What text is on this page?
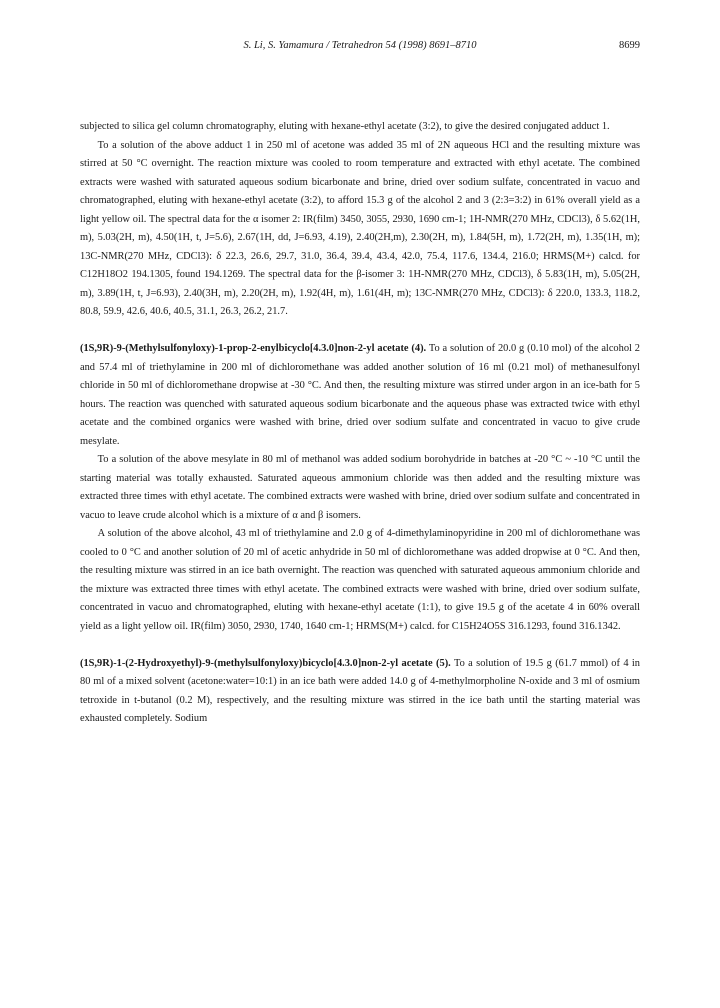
S. Li, S. Yamamura / Tetrahedron 54 (1998) 8691–8710	8699

subjected to silica gel column chromatography, eluting with hexane-ethyl acetate (3:2), to give the desired conjugated adduct 1.

To a solution of the above adduct 1 in 250 ml of acetone was added 35 ml of 2N aqueous HCl and the resulting mixture was stirred at 50 °C overnight. The reaction mixture was cooled to room temperature and extracted with ethyl acetate. The combined extracts were washed with saturated aqueous sodium bicarbonate and brine, dried over sodium sulfate, concentrated in vacuo and chromatographed, eluting with hexane-ethyl acetate (3:2), to afford 15.3 g of the alcohol 2 and 3 (2:3=3:2) in 61% overall yield as a light yellow oil. The spectral data for the α isomer 2: IR(film) 3450, 3055, 2930, 1690 cm-1; 1H-NMR(270 MHz, CDCl3), δ 5.62(1H, m), 5.03(2H, m), 4.50(1H, t, J=5.6), 2.67(1H, dd, J=6.93, 4.19), 2.40(2H,m), 2.30(2H, m), 1.84(5H, m), 1.72(2H, m), 1.35(1H, m); 13C-NMR(270 MHz, CDCl3): δ 22.3, 26.6, 29.7, 31.0, 36.4, 39.4, 43.4, 42.0, 75.4, 117.6, 134.4, 216.0; HRMS(M+) calcd. for C12H18O2 194.1305, found 194.1269. The spectral data for the β-isomer 3: 1H-NMR(270 MHz, CDCl3), δ 5.83(1H, m), 5.05(2H, m), 3.89(1H, t, J=6.93), 2.40(3H, m), 2.20(2H, m), 1.92(4H, m), 1.61(4H, m); 13C-NMR(270 MHz, CDCl3): δ 220.0, 133.3, 118.2, 80.8, 59.9, 42.6, 40.6, 40.5, 31.1, 26.3, 26.2, 21.7.

(1S,9R)-9-(Methylsulfonyloxy)-1-prop-2-enylbicyclo[4.3.0]non-2-yl acetate (4). To a solution of 20.0 g (0.10 mol) of the alcohol 2 and 57.4 ml of triethylamine in 200 ml of dichloromethane was added another solution of 16 ml (0.21 mol) of methanesulfonyl chloride in 50 ml of dichloromethane dropwise at -30 °C. And then, the resulting mixture was stirred under argon in an ice-bath for 5 hours. The reaction was quenched with saturated aqueous sodium bicarbonate and the aqueous phase was extracted twice with ethyl acetate and the combined organics were washed with brine, dried over sodium sulfate and concentrated in vacuo to give crude mesylate.

To a solution of the above mesylate in 80 ml of methanol was added sodium borohydride in batches at -20 °C ~ -10 °C until the starting material was totally exhausted. Saturated aqueous ammonium chloride was then added and the resulting mixture was extracted three times with ethyl acetate. The combined extracts were washed with brine, dried over sodium sulfate and concentrated in vacuo to leave crude alcohol which is a mixture of α and β isomers.

A solution of the above alcohol, 43 ml of triethylamine and 2.0 g of 4-dimethylaminopyridine in 200 ml of dichloromethane was cooled to 0 °C and another solution of 20 ml of acetic anhydride in 50 ml of dichloromethane was added dropwise at 0 °C. And then, the resulting mixture was stirred in an ice bath overnight. The reaction was quenched with saturated aqueous ammonium chloride and the mixture was extracted three times with ethyl acetate. The combined extracts were washed with brine, dried over sodium sulfate, concentrated in vacuo and chromatographed, eluting with hexane-ethyl acetate (1:1), to give 19.5 g of the acetate 4 in 60% overall yield as a light yellow oil. IR(film) 3050, 2930, 1740, 1640 cm-1; HRMS(M+) calcd. for C15H24O5S 316.1293, found 316.1342.

(1S,9R)-1-(2-Hydroxyethyl)-9-(methylsulfonyloxy)bicyclo[4.3.0]non-2-yl acetate (5). To a solution of 19.5 g (61.7 mmol) of 4 in 80 ml of a mixed solvent (acetone:water=10:1) in an ice bath were added 14.0 g of 4-methylmorpholine N-oxide and 3 ml of osmium tetroxide in t-butanol (0.2 M), respectively, and the resulting mixture was stirred in the ice bath until the starting material was exhausted completely. Sodium
